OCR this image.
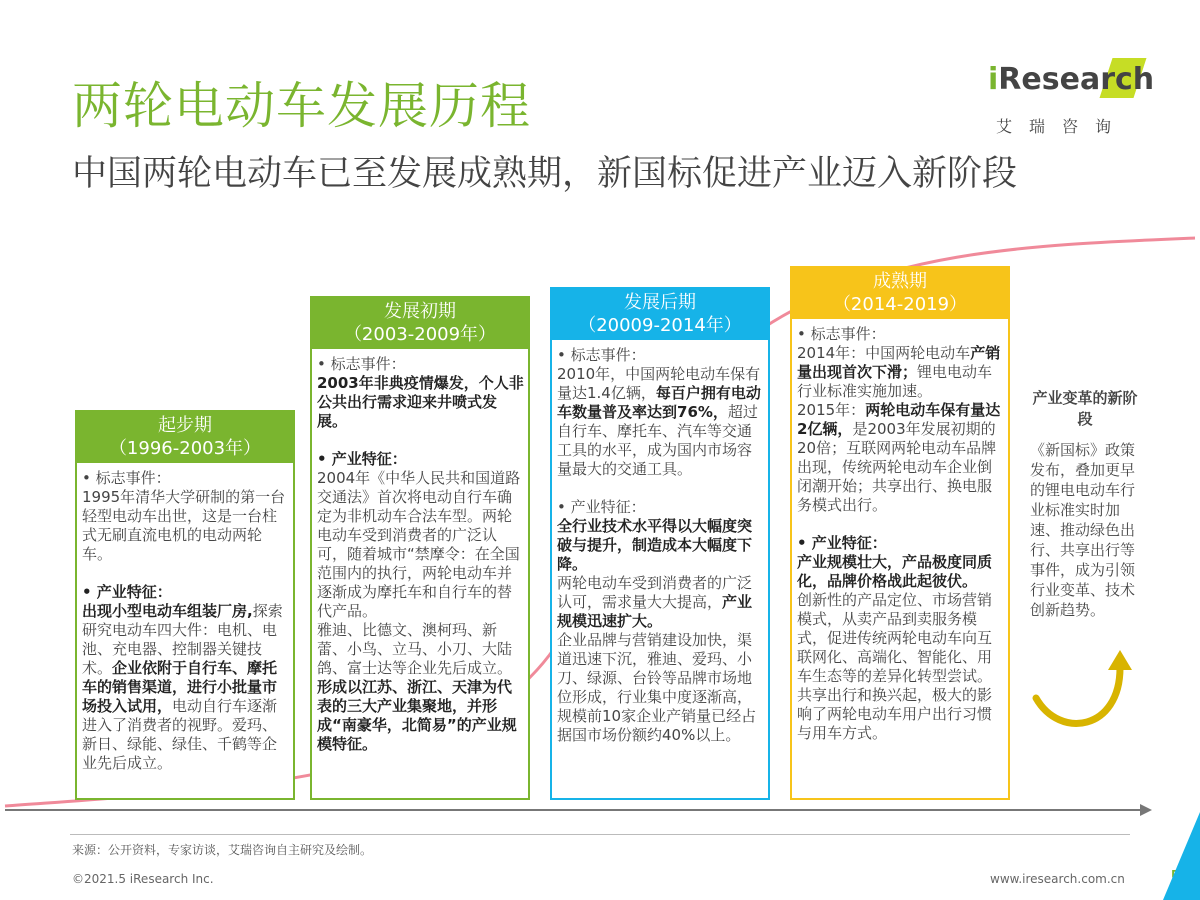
两轮电动车发展历程
中国两轮电动车已至发展成熟期，新国标促进产业迈入新阶段
iResearch
艾瑞咨询
起步期
（1996-2003年）

• 标志事件：

1995年清华大学研制的第一台轻型电动车出世，这是一台柱式无刷直流电机的电动两轮车。

• 产业特征：

出现小型电动车组装厂房,探索研究电动车四大件：电机、电池、充电器、控制器关键技术。企业依附于自行车、摩托车的销售渠道，进行小批量市场投入试用，电动自行车逐渐进入了消费者的视野。爱玛、新日、绿能、绿佳、千鹤等企业先后成立。

发展初期
（2003-2009年）

• 标志事件：

2003年非典疫情爆发，个人非公共出行需求迎来井喷式发展。

• 产业特征：

2004年《中华人民共和国道路交通法》首次将电动自行车确定为非机动车合法车型。两轮电动车受到消费者的广泛认可，随着城市“禁摩令：在全国范围内的执行，两轮电动车并逐渐成为摩托车和自行车的替代产品。

雅迪、比德文、澳柯玛、新蕾、小鸟、立马、小刀、大陆鸽、富士达等企业先后成立。

形成以江苏、浙江、天津为代表的三大产业集聚地，并形成“南豪华，北简易”的产业规模特征。

发展后期
（20009-2014年）

• 标志事件：

2010年，中国两轮电动车保有量达1.4亿辆，每百户拥有电动车数量普及率达到76%，超过自行车、摩托车、汽车等交通工具的水平，成为国内市场容量最大的交通工具。

• 产业特征：

全行业技术水平得以大幅度突破与提升，制造成本大幅度下降。

两轮电动车受到消费者的广泛认可，需求量大大提高，产业规模迅速扩大。

企业品牌与营销建设加快，渠道迅速下沉，雅迪、爱玛、小刀、绿源、台铃等品牌市场地位形成，行业集中度逐渐高，规模前10家企业产销量已经占据国市场份额约40%以上。

成熟期
（2014-2019）

• 标志事件：

2014年：中国两轮电动车产销量出现首次下滑；锂电电动车行业标准实施加速。

2015年：两轮电动车保有量达2亿辆，是2003年发展初期的20倍；互联网两轮电动车品牌出现，传统两轮电动车企业倒闭潮开始；共享出行、换电服务模式出行。

• 产业特征：

产业规模壮大，产品极度同质化，品牌价格战此起彼伏。

创新性的产品定位、市场营销模式，从卖产品到卖服务模式，促进传统两轮电动车向互联网化、高端化、智能化、用车生态等的差异化转型尝试。

共享出行和换兴起，极大的影响了两轮电动车用户出行习惯与用车方式。

产业变革的新阶段
《新国标》政策发布，叠加更早的锂电电动车行业标准实时加速、推动绿色出行、共享出行等事件，成为引领行业变革、技术创新趋势。
来源：公开资料，专家访谈，艾瑞咨询自主研究及绘制。
©2021.5 iResearch Inc.	www.iresearch.com.cn 5
